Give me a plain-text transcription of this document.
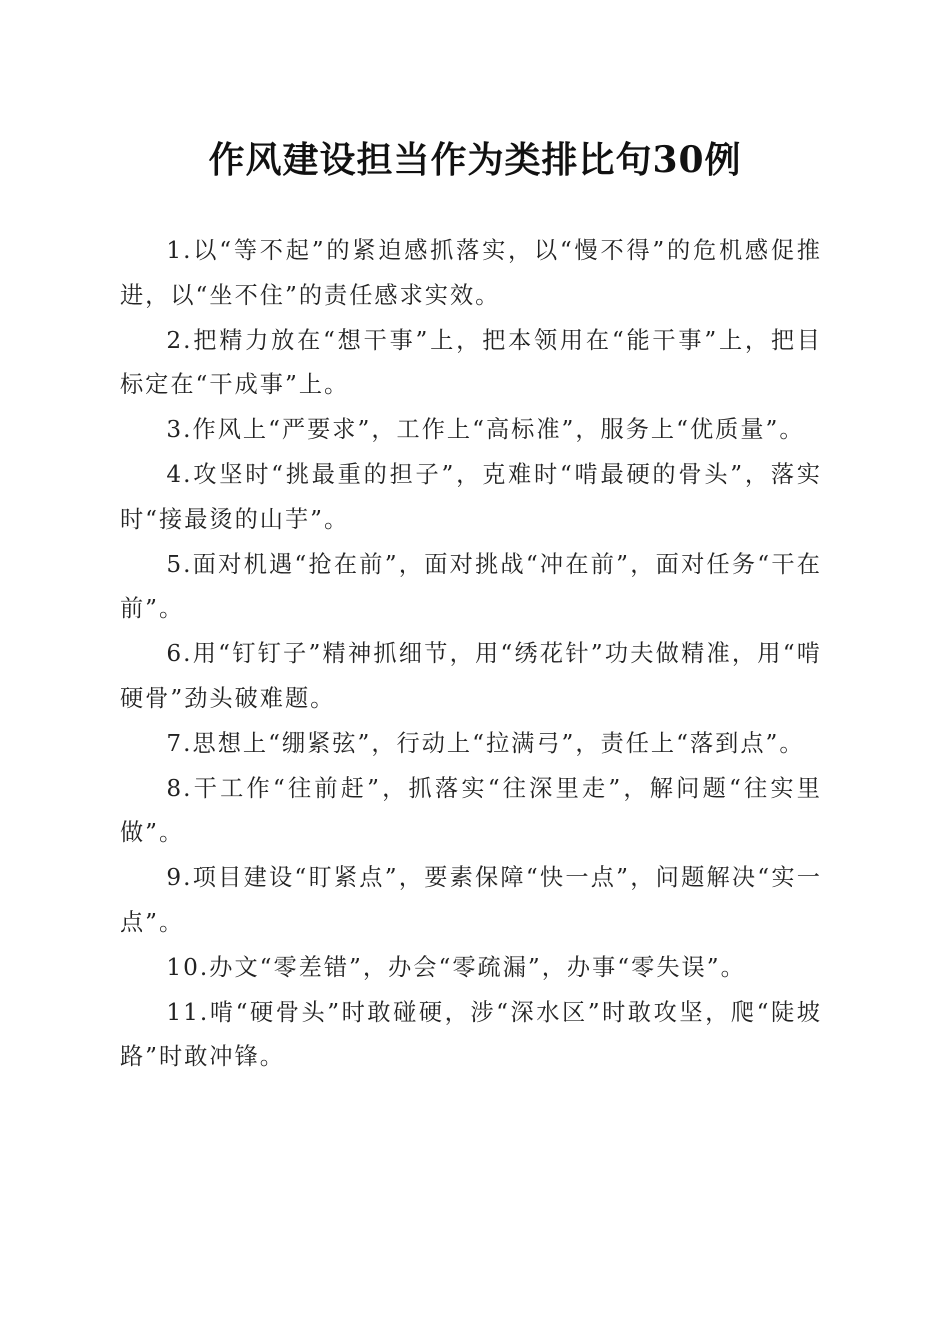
作风建设担当作为类排比句30例

1.以“等不起”的紧迫感抓落实，以“慢不得”的危机感促推进，以“坐不住”的责任感求实效。

2.把精力放在“想干事”上，把本领用在“能干事”上，把目标定在“干成事”上。

3.作风上“严要求”，工作上“高标准”，服务上“优质量”。

4.攻坚时“挑最重的担子”，克难时“啃最硬的骨头”，落实时“接最烫的山芋”。

5.面对机遇“抢在前”，面对挑战“冲在前”，面对任务“干在前”。

6.用“钉钉子”精神抓细节，用“绣花针”功夫做精准，用“啃硬骨”劲头破难题。

7.思想上“绷紧弦”，行动上“拉满弓”，责任上“落到点”。

8.干工作“往前赶”，抓落实“往深里走”，解问题“往实里做”。

9.项目建设“盯紧点”，要素保障“快一点”，问题解决“实一点”。

10.办文“零差错”，办会“零疏漏”，办事“零失误”。

11.啃“硬骨头”时敢碰硬，涉“深水区”时敢攻坚，爬“陡坡路”时敢冲锋。
